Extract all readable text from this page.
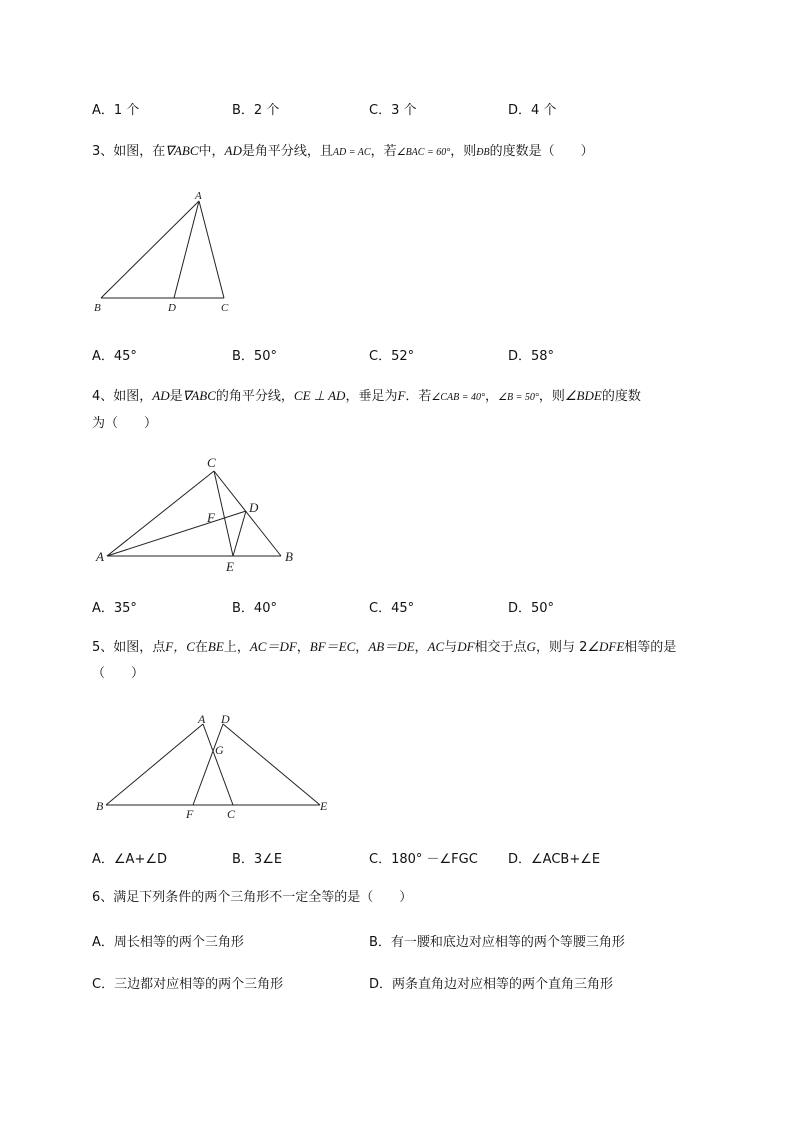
A．1 个	B．2 个	C．3 个	D．4 个
3、如图，在∇ABC中，AD是角平分线，且AD = AC，若∠BAC = 60°，则ÐB的度数是（　　）
A
B	D	C
A．45°	B．50°	C．52°	D．58°
4、如图，AD是∇ABC的角平分线，CE ⊥ AD，垂足为F．若∠CAB = 40°，∠B = 50°，则∠BDE的度数
为（　　）
C
D
F
A
E
B
A．35°	B．40°	C．45°	D．50°
5、如图，点F，C在BE上，AC＝DF，BF＝EC，AB＝DE，AC与DF相交于点G，则与 2∠DFE相等的是
（　　）
A D
G
B
F	C
E
A．∠A+∠D	B．3∠E	C．180° －∠FGC D．∠ACB+∠E
6、满足下列条件的两个三角形不一定全等的是（　　）
A．周长相等的两个三角形	B．有一腰和底边对应相等的两个等腰三角形
C．三边都对应相等的两个三角形	D．两条直角边对应相等的两个直角三角形
